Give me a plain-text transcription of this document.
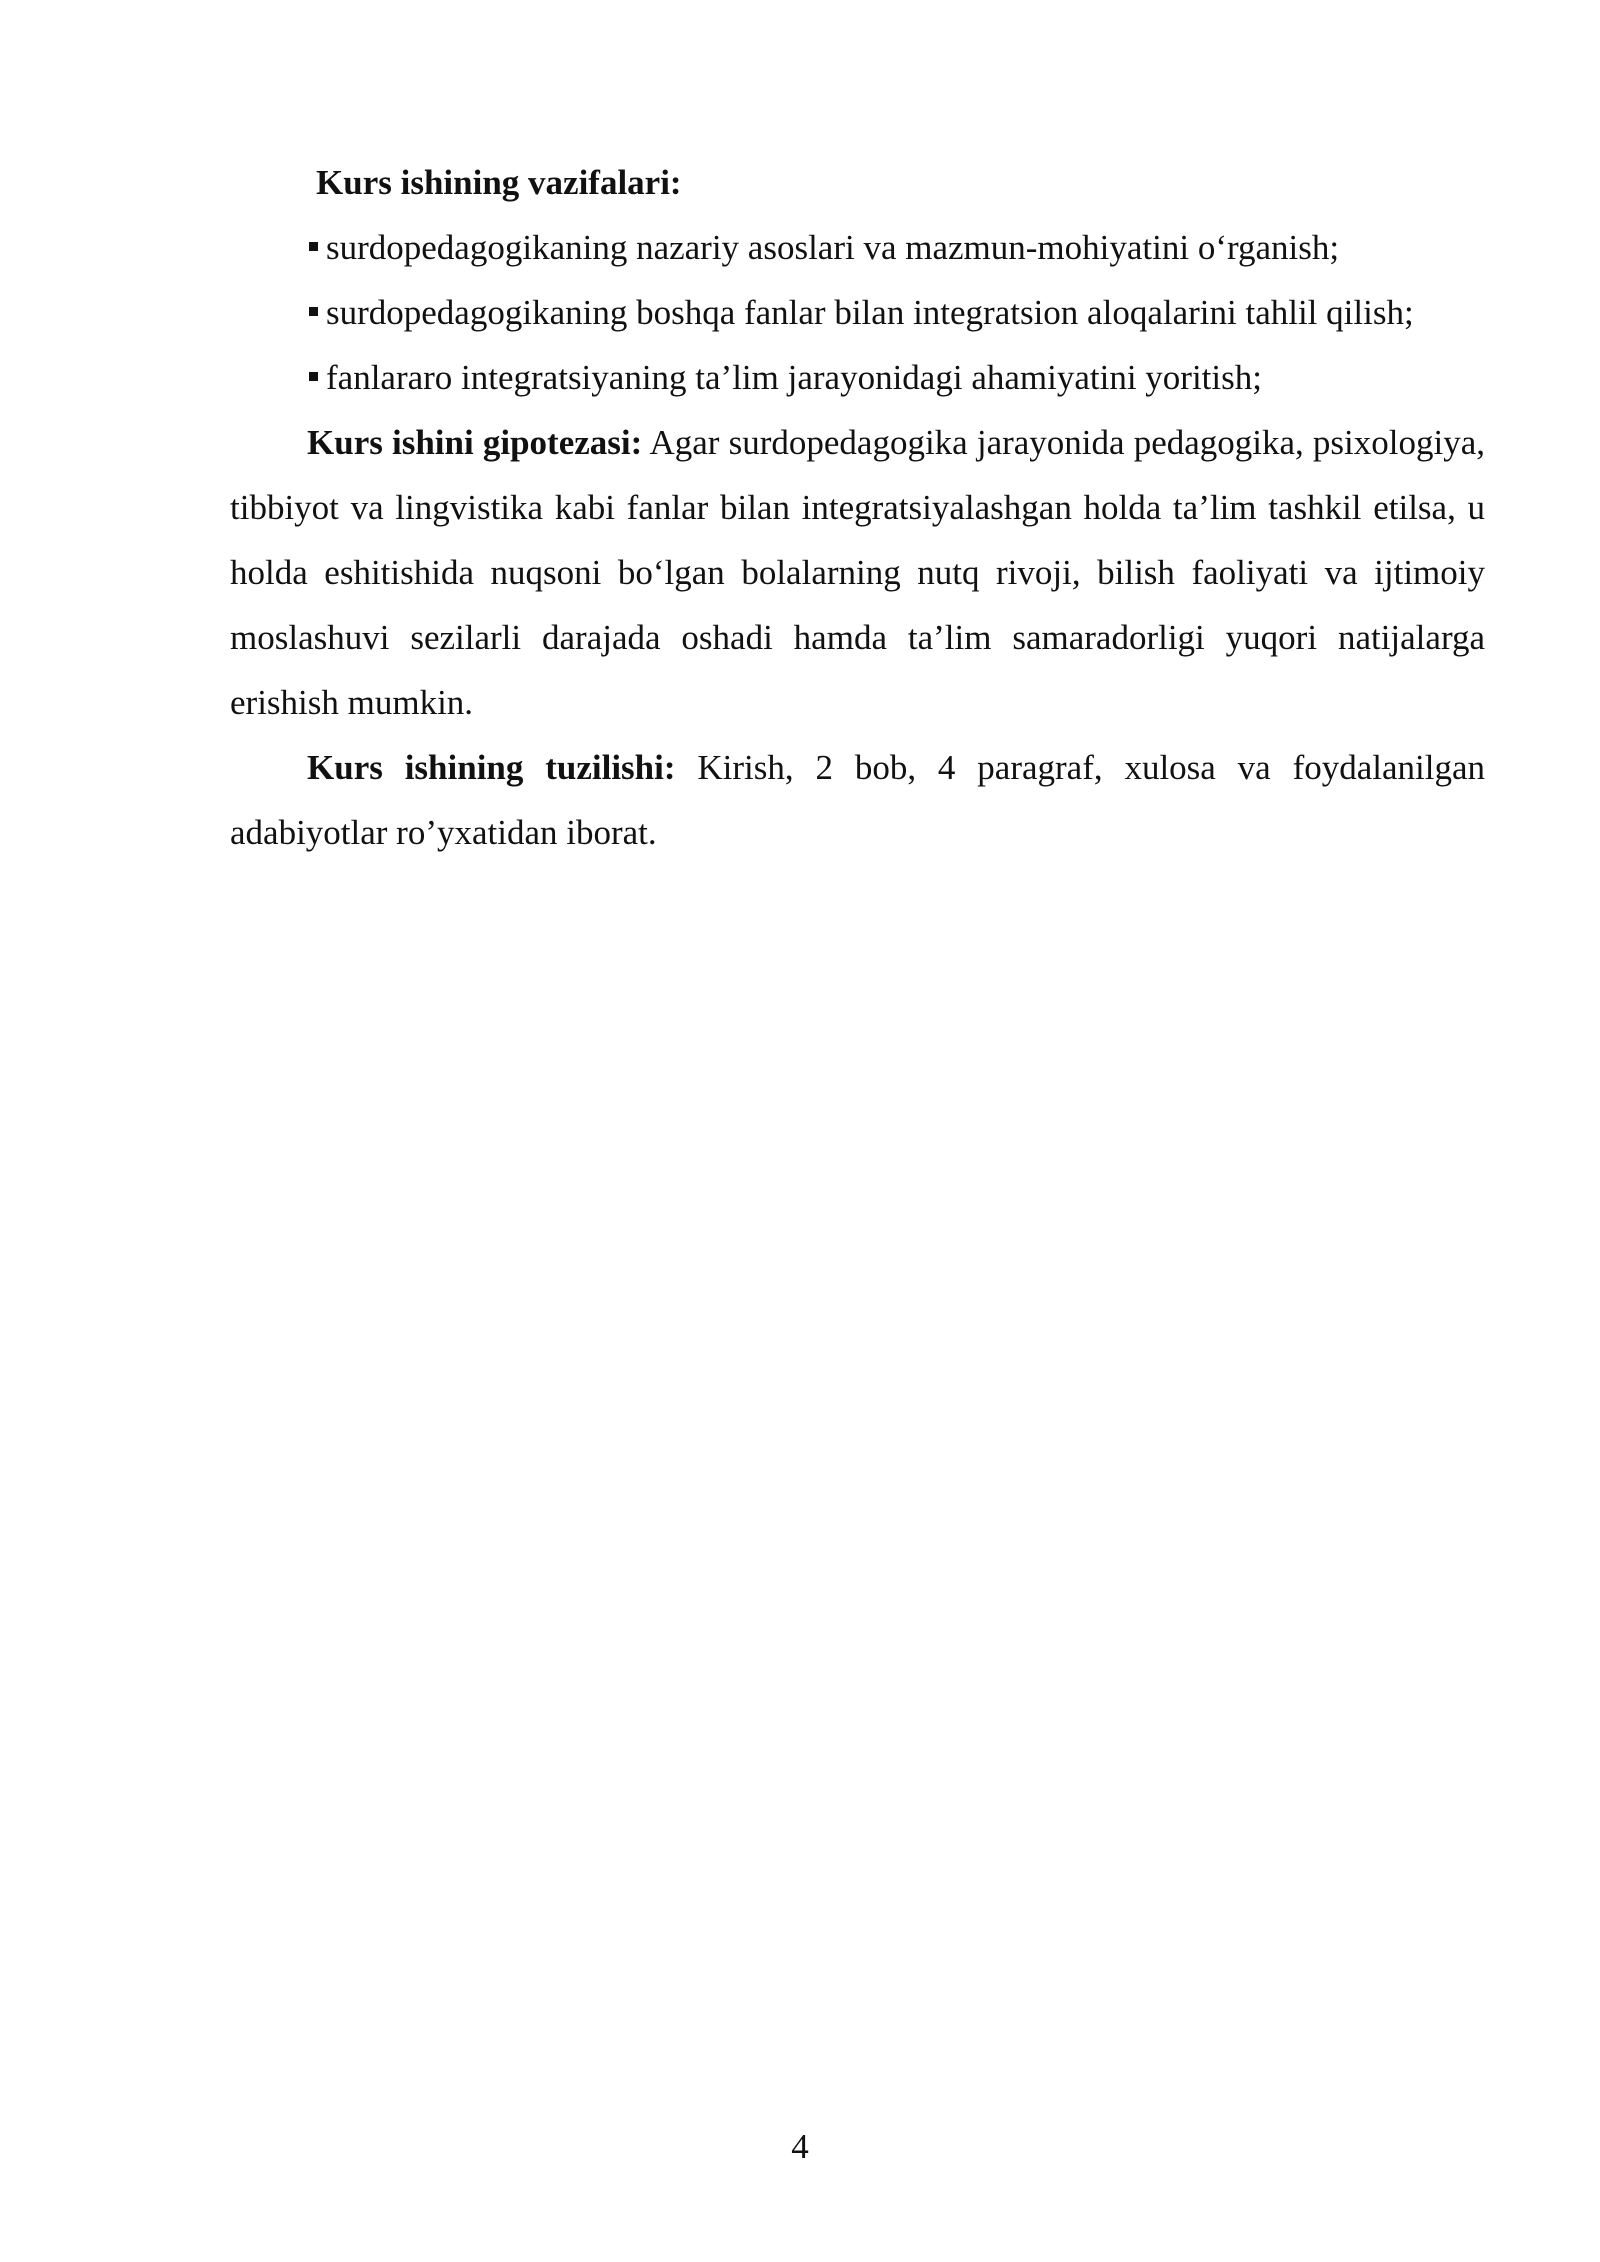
Kurs ishining vazifalari:

surdopedagogikaning nazariy asoslari va mazmun-mohiyatini o‘rganish;
surdopedagogikaning boshqa fanlar bilan integratsion aloqalarini tahlil qilish;
fanlararo integratsiyaning ta’lim jarayonidagi ahamiyatini yoritish;

Kurs ishini gipotezasi: Agar surdopedagogika jarayonida pedagogika, psixologiya, tibbiyot va lingvistika kabi fanlar bilan integratsiyalashgan holda ta’lim tashkil etilsa, u holda eshitishida nuqsoni bo‘lgan bolalarning nutq rivoji, bilish faoliyati va ijtimoiy moslashuvi sezilarli darajada oshadi hamda ta’lim samaradorligi yuqori natijalarga erishish mumkin.

Kurs ishining tuzilishi: Kirish, 2 bob, 4 paragraf, xulosa va foydalanilgan adabiyotlar ro’yxatidan iborat.

4
